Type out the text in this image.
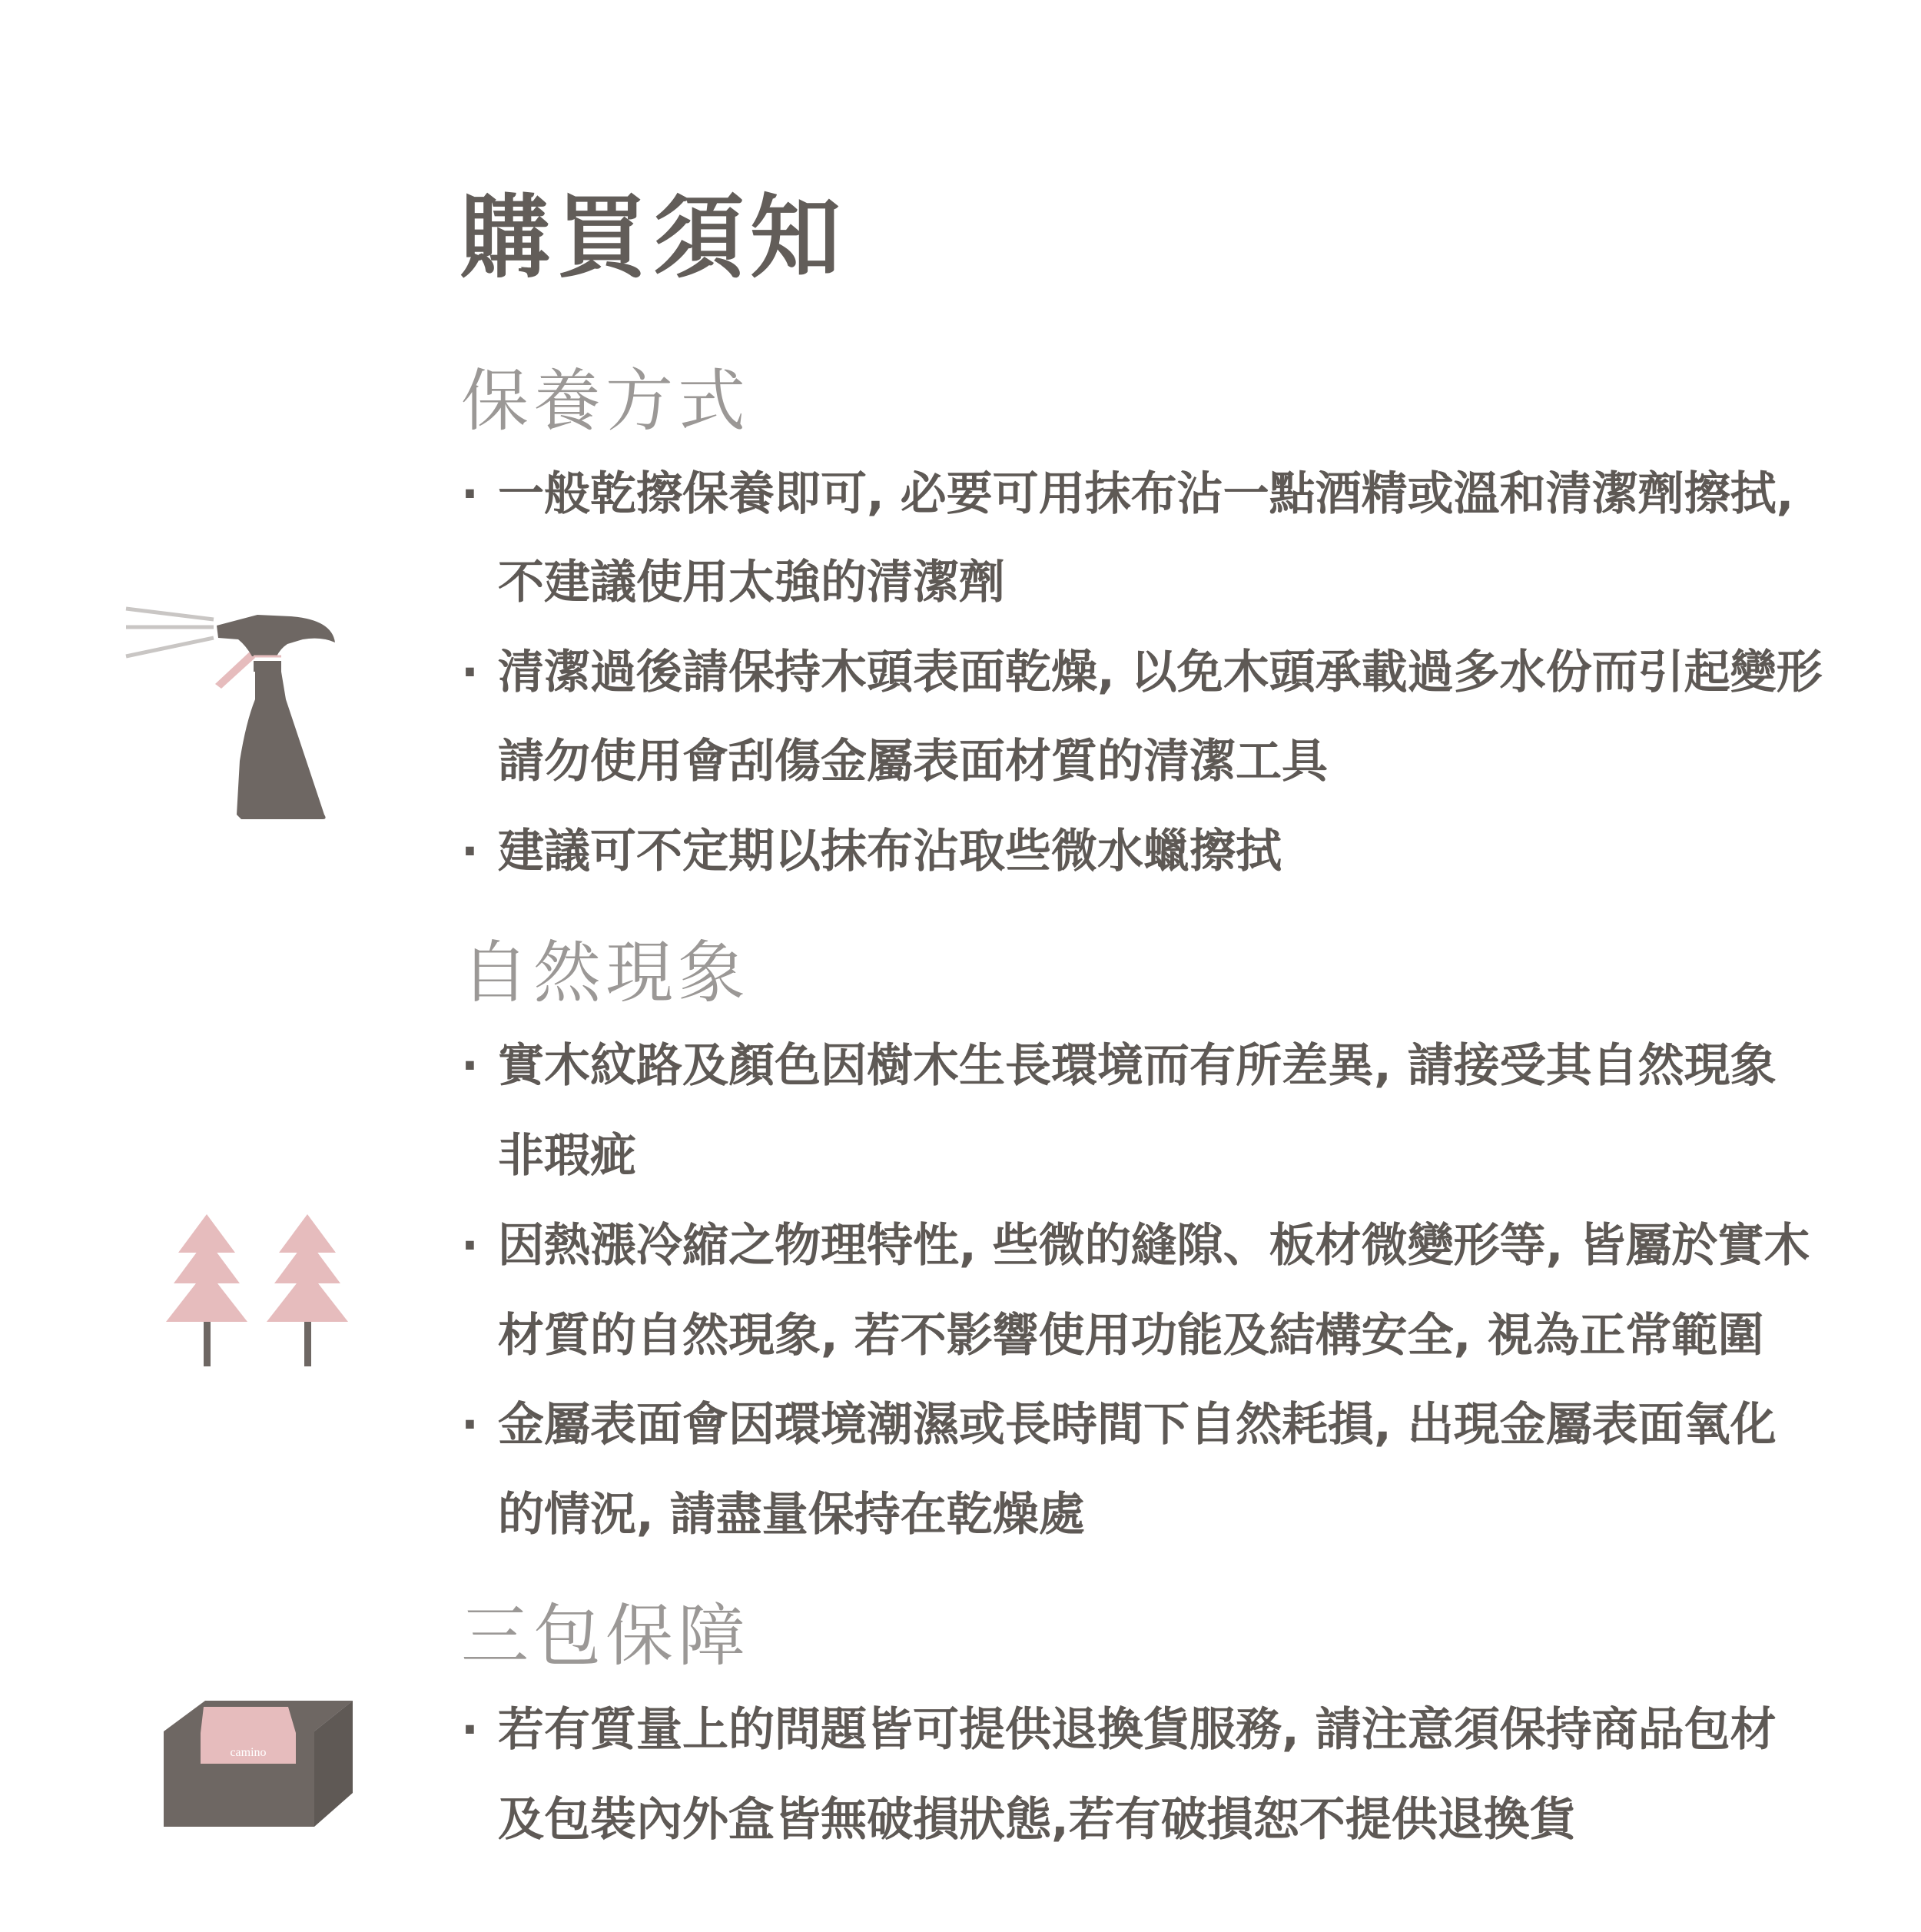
購買須知
保養方式
· 一般乾擦保養即可, 必要可用抹布沾一點酒精或溫和清潔劑擦拭,
不建議使用太強的清潔劑
· 清潔過後請保持木頭表面乾燥, 以免木頭承載過多水份而引起變形
請勿使用會刮傷金屬表面材質的清潔工具
· 建議可不定期以抹布沾取些微水蠟擦拭
自然現象
· 實木紋路及顏色因樹木生長環境而有所差異, 請接受其自然現象
非瑕疵
· 因熱漲冷縮之物理特性, 些微的縫隙、板材微變形等, 皆屬於實木
材質的自然現象, 若不影響使用功能及結構安全, 視為正常範圍
· 金屬表面會因環境潮濕或長時間下自然耗損, 出現金屬表面氧化
的情況, 請盡量保持在乾燥處
三包保障
· 若有質量上的問題皆可提供退換貨服務, 請注意須保持商品包材
及包裝內外盒皆無破損狀態,若有破損恕不提供退換貨
camino
